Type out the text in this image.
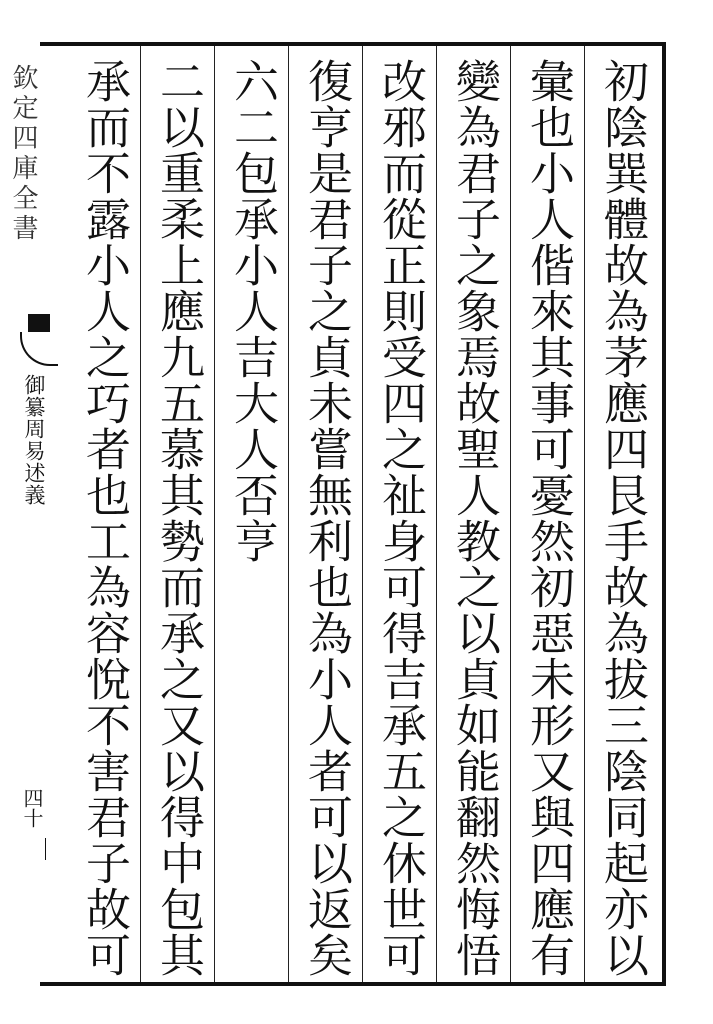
欽定四庫全書
御纂周易述義
四十	初陰巽體故為茅應四艮手故為拔三陰同起亦以
彙也小人偕來其事可憂然初惡未形又與四應有
變為君子之象焉故聖人教之以貞如能翻然悔悟
改邪而從正則受四之祉身可得吉承五之休世可
復亨是君子之貞未嘗無利也為小人者可以返矣
六二包承小人吉大人否亨
二以重柔上應九五慕其勢而承之又以得中包其
承而不露小人之巧者也工為容悅不害君子故可
